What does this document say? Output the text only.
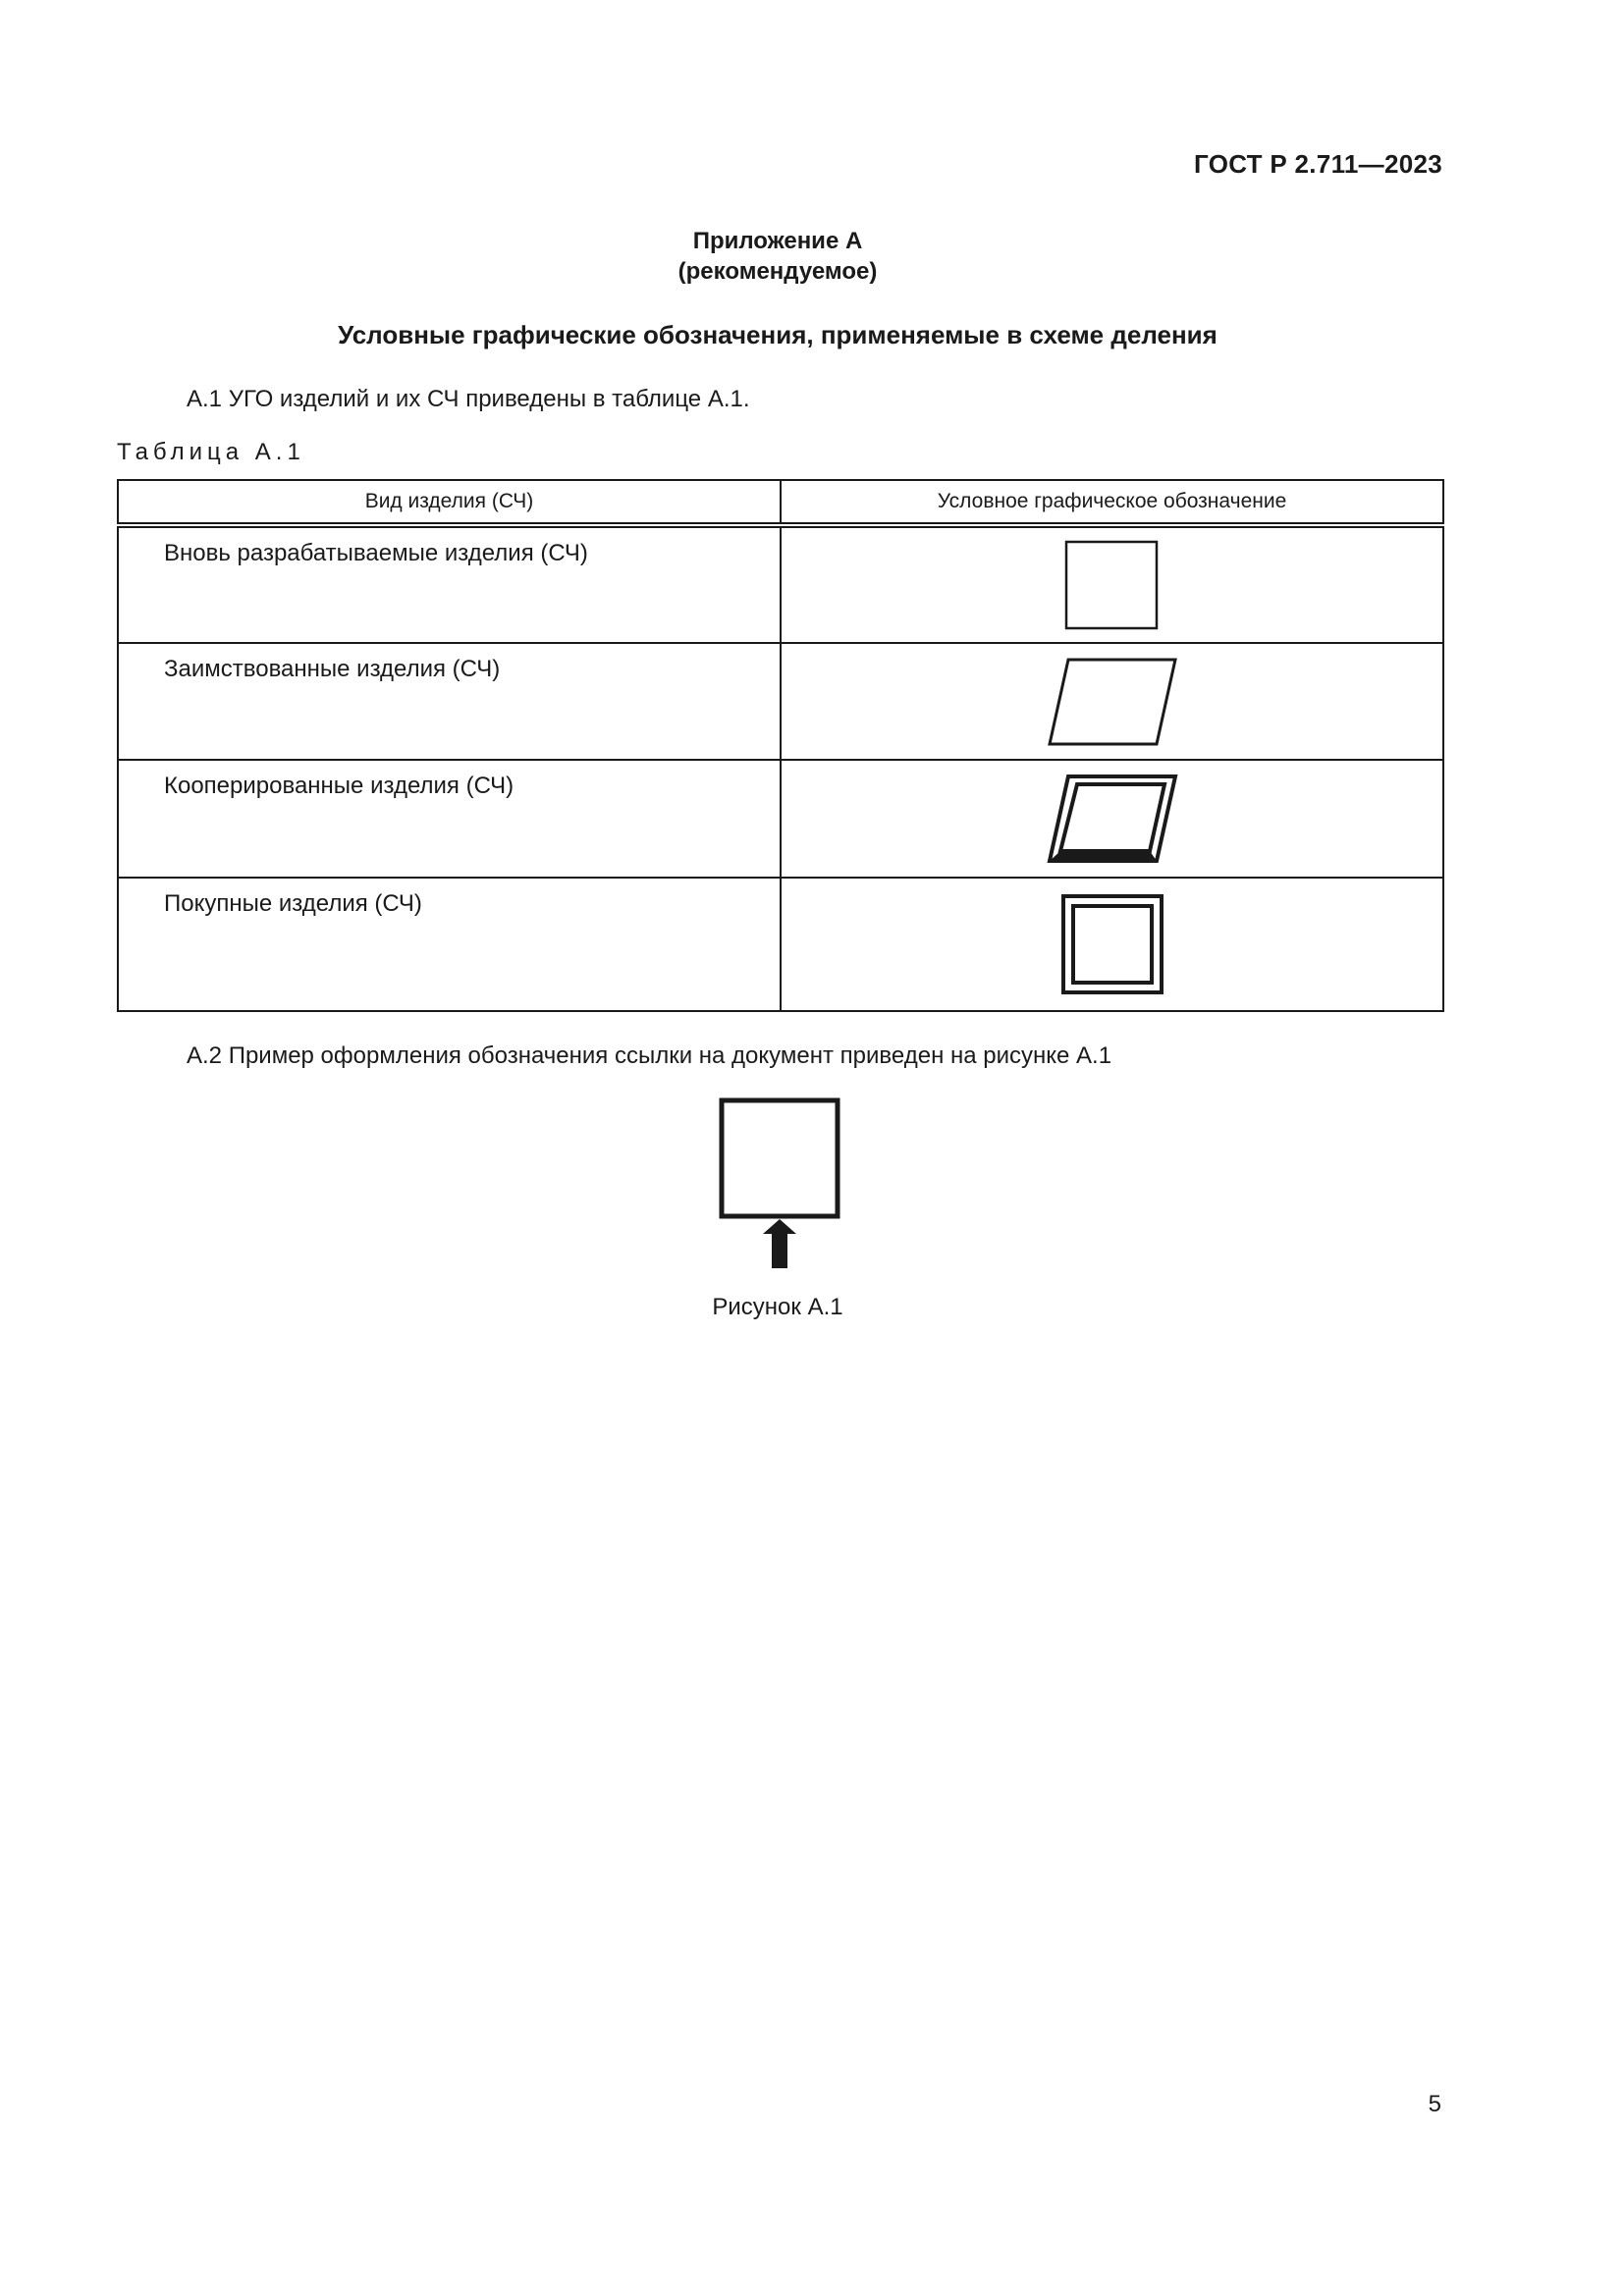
ГОСТ Р 2.711—2023
Приложение А
(рекомендуемое)
Условные графические обозначения, применяемые в схеме деления
А.1 УГО изделий и их СЧ приведены в таблице А.1.
Таблица А.1
Вид изделия (СЧ)	Условное графическое обозначение
Вновь разрабатываемые изделия (СЧ)	

Заимствованные изделия (СЧ)	

Кооперированные изделия (СЧ)	

Покупные изделия (СЧ)	
А.2 Пример оформления обозначения ссылки на документ приведен на рисунке А.1
Рисунок А.1
5
